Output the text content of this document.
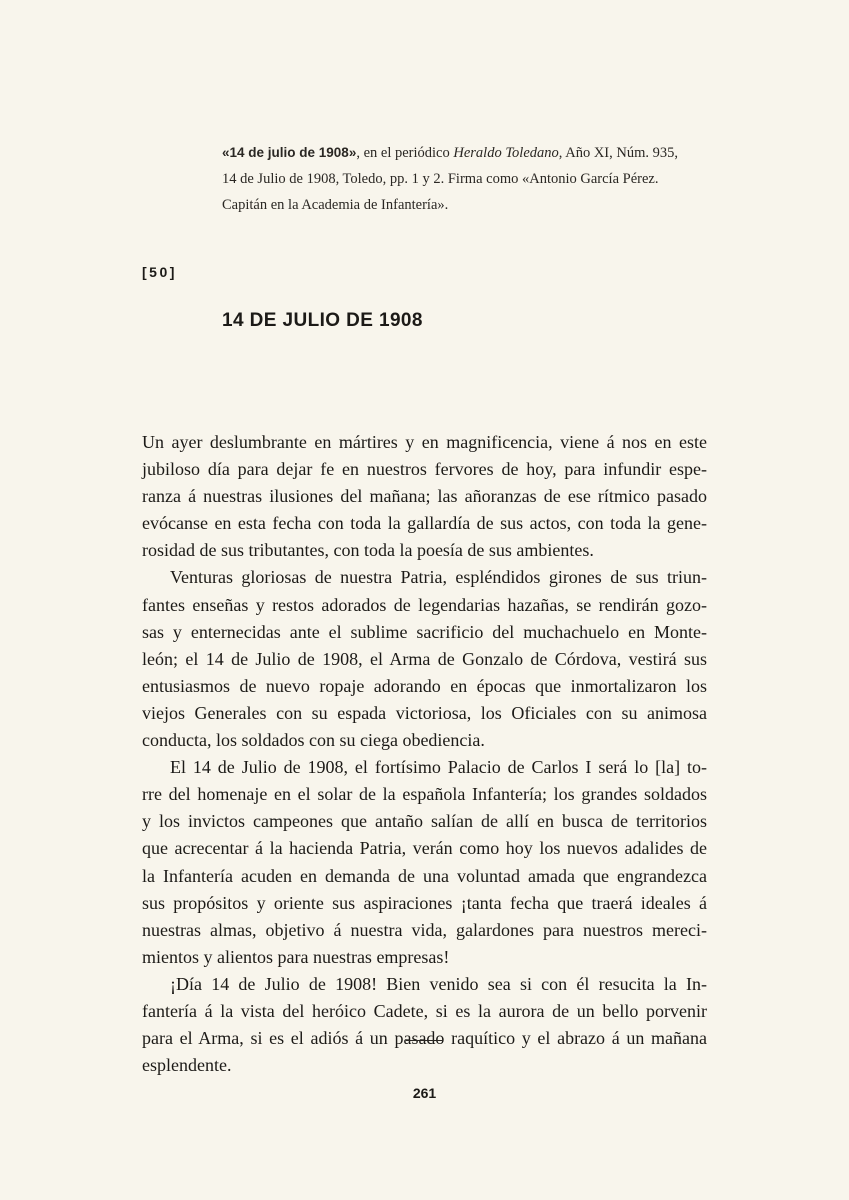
«14 de julio de 1908», en el periódico Heraldo Toledano, Año XI, Núm. 935,
14 de Julio de 1908, Toledo, pp. 1 y 2. Firma como «Antonio García Pérez.
Capitán en la Academia de Infantería».
[50]
14 DE JULIO DE 1908
Un ayer deslumbrante en mártires y en magnificencia, viene á nos en este
jubiloso día para dejar fe en nuestros fervores de hoy, para infundir espe-
ranza á nuestras ilusiones del mañana; las añoranzas de ese rítmico pasado
evócanse en esta fecha con toda la gallardía de sus actos, con toda la gene-
rosidad de sus tributantes, con toda la poesía de sus ambientes.
Venturas gloriosas de nuestra Patria, espléndidos girones de sus triun-
fantes enseñas y restos adorados de legendarias hazañas, se rendirán gozo-
sas y enternecidas ante el sublime sacrificio del muchachuelo en Monte-
león; el 14 de Julio de 1908, el Arma de Gonzalo de Córdova, vestirá sus
entusiasmos de nuevo ropaje adorando en épocas que inmortalizaron los
viejos Generales con su espada victoriosa, los Oficiales con su animosa
conducta, los soldados con su ciega obediencia.
El 14 de Julio de 1908, el fortísimo Palacio de Carlos I será lo [la] to-
rre del homenaje en el solar de la española Infantería; los grandes soldados
y los invictos campeones que antaño salían de allí en busca de territorios
que acrecentar á la hacienda Patria, verán como hoy los nuevos adalides de
la Infantería acuden en demanda de una voluntad amada que engrandezca
sus propósitos y oriente sus aspiraciones ¡tanta fecha que traerá ideales á
nuestras almas, objetivo á nuestra vida, galardones para nuestros mereci-
mientos y alientos para nuestras empresas!
¡Día 14 de Julio de 1908! Bien venido sea si con él resucita la In-
fantería á la vista del heróico Cadete, si es la aurora de un bello porvenir
para el Arma, si es el adiós á un pasado raquítico y el abrazo á un mañana
esplendente.
261
